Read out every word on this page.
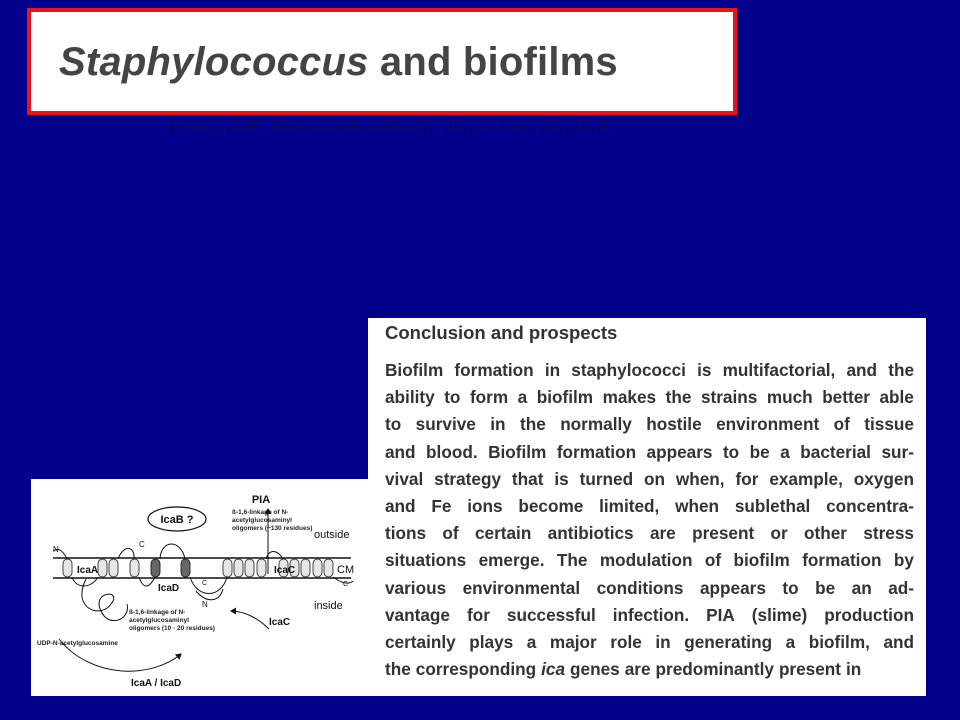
Staphylococcus and biofilms
Friedrich Götz. Molecular Microbiology 2002; 43 (6): 1367-1378
Conclusion and prospects
Biofilm formation in staphylococci is multifactorial, and the
ability to form a biofilm makes the strains much better able
to survive in the normally hostile environment of tissue
and blood. Biofilm formation appears to be a bacterial sur-
vival strategy that is turned on when, for example, oxygen
and Fe ions become limited, when sublethal concentra-
tions of certain antibiotics are present or other stress
situations emerge. The modulation of biofilm formation by
various environmental conditions appears to be an ad-
vantage for successful infection. PIA (slime) production
certainly plays a major role in generating a biofilm, and
the corresponding ica genes are predominantly present in
IcaB ?
PIA
ß-1,6-linkage of N-
acetylglucosaminyl
oligomers (~130 residues)
outside
CM
inside
IcaA
IcaD
IcaC
IcaC
N
C
C	C
N
ß-1,6-linkage of N-
acetylglucosaminyl
oligomers (10 - 20 residues)
UDP-N-acetylglucosamine
IcaA / IcaD
